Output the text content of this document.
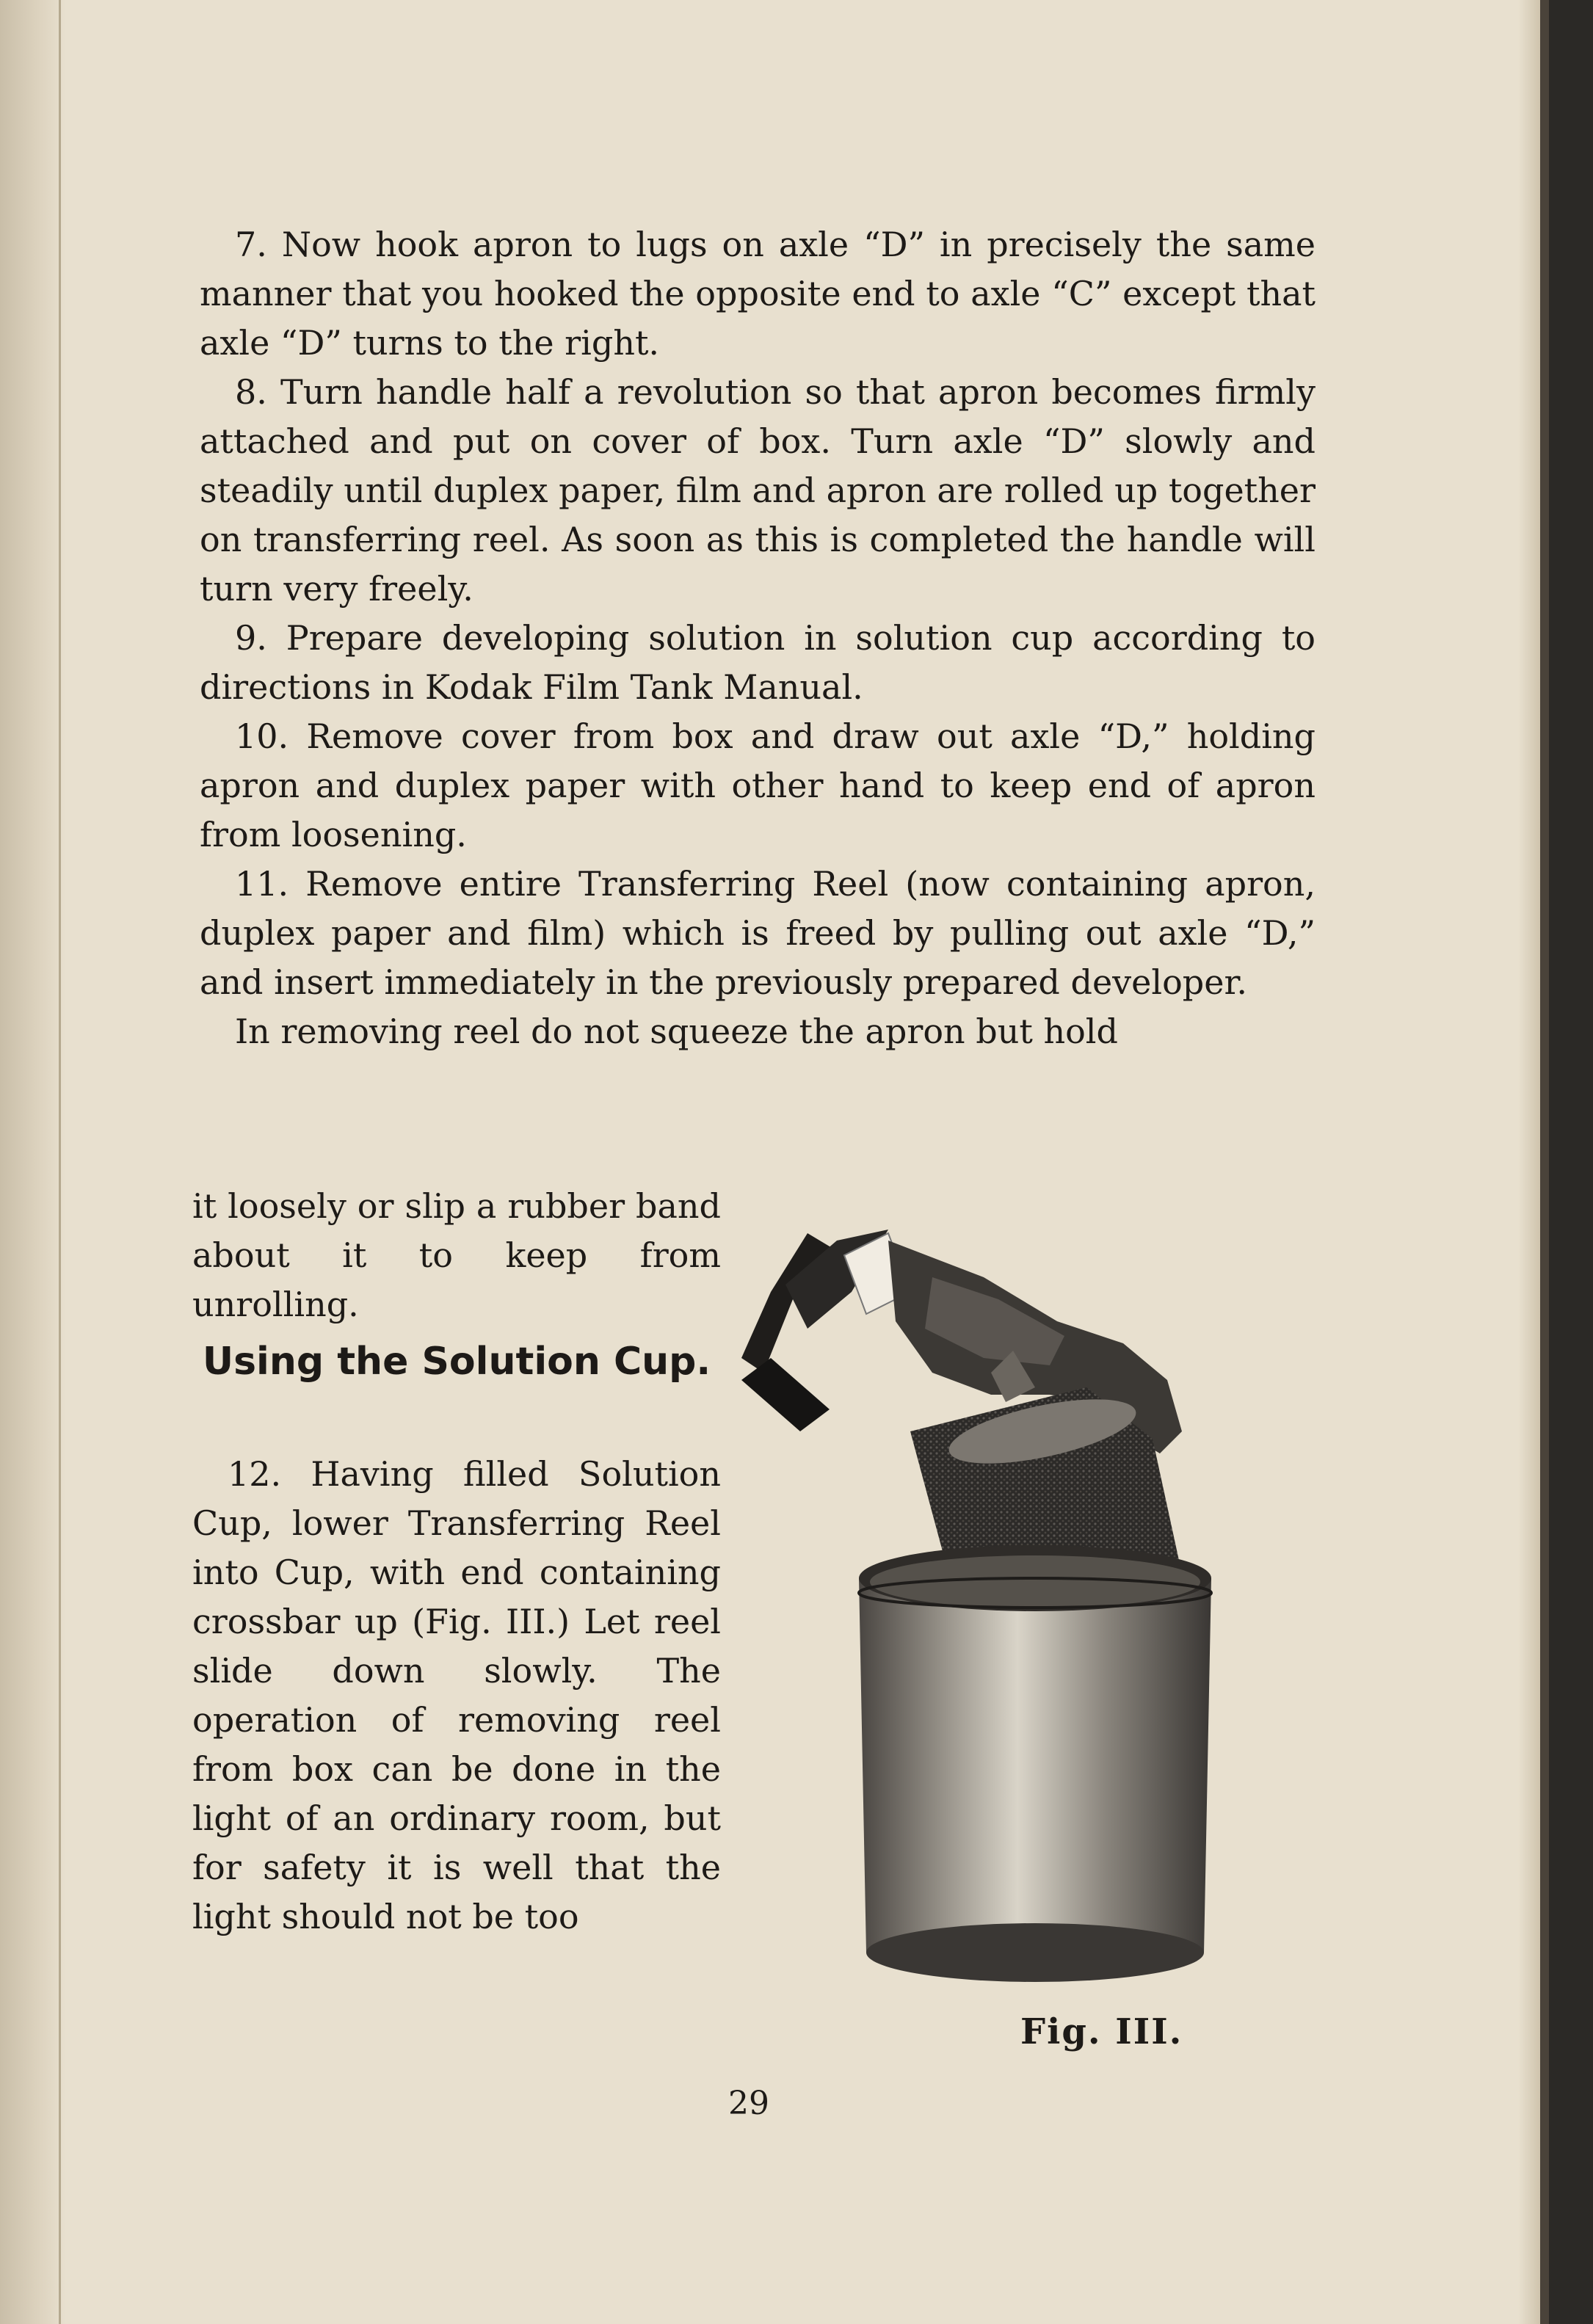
7. Now hook apron to lugs on axle “D” in precisely the same manner that you hooked the opposite end to axle “C” except that axle “D” turns to the right.

8. Turn handle half a revolution so that apron becomes firmly attached and put on cover of box. Turn axle “D” slowly and steadily until duplex paper, film and apron are rolled up together on transferring reel. As soon as this is completed the handle will turn very freely.

9. Prepare developing solution in solution cup according to directions in Kodak Film Tank Manual.

10. Remove cover from box and draw out axle “D,” holding apron and duplex paper with other hand to keep end of apron from loosening.

11. Remove entire Transferring Reel (now containing apron, duplex paper and film) which is freed by pulling out axle “D,” and insert immediately in the previously prepared developer.

In removing reel do not squeeze the apron but hold

it loosely or slip a rubber band about it to keep from unrolling.

Using the Solution Cup.

12. Having filled Solution Cup, lower Transferring Reel into Cup, with end containing crossbar up (Fig. III.) Let reel slide down slowly. The operation of removing reel from box can be done in the light of an ordinary room, but for safety it is well that the light should not be too

Fig. III.
29
